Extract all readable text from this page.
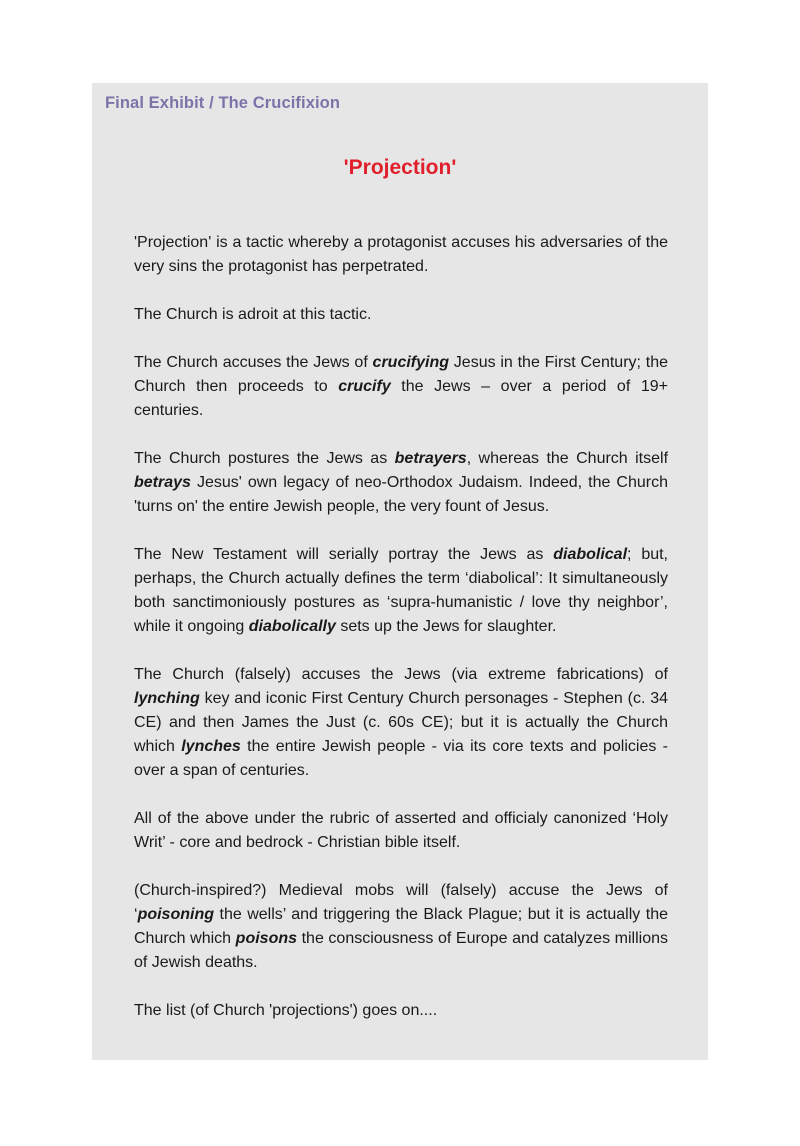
Final Exhibit / The Crucifixion
'Projection'

'Projection' is a tactic whereby a protagonist accuses his adversaries of the very sins the protagonist has perpetrated.

The Church is adroit at this tactic.

The Church accuses the Jews of crucifying Jesus in the First Century; the Church then proceeds to crucify the Jews – over a period of 19+ centuries.

The Church postures the Jews as betrayers, whereas the Church itself betrays Jesus' own legacy of neo-Orthodox Judaism. Indeed, the Church 'turns on' the entire Jewish people, the very fount of Jesus.

The New Testament will serially portray the Jews as diabolical; but, perhaps, the Church actually defines the term ‘diabolical’: It simultaneously both sanctimoniously postures as ‘supra-humanistic / love thy neighbor’, while it ongoing diabolically sets up the Jews for slaughter.

The Church (falsely) accuses the Jews (via extreme fabrications) of lynching key and iconic First Century Church personages - Stephen (c. 34 CE) and then James the Just (c. 60s CE); but it is actually the Church which lynches the entire Jewish people - via its core texts and policies - over a span of centuries.

All of the above under the rubric of asserted and officialy canonized ‘Holy Writ’ - core and bedrock - Christian bible itself.

(Church-inspired?) Medieval mobs will (falsely) accuse the Jews of ‘poisoning the wells’ and triggering the Black Plague; but it is actually the Church which poisons the consciousness of Europe and catalyzes millions of Jewish deaths.

The list (of Church 'projections') goes on....
